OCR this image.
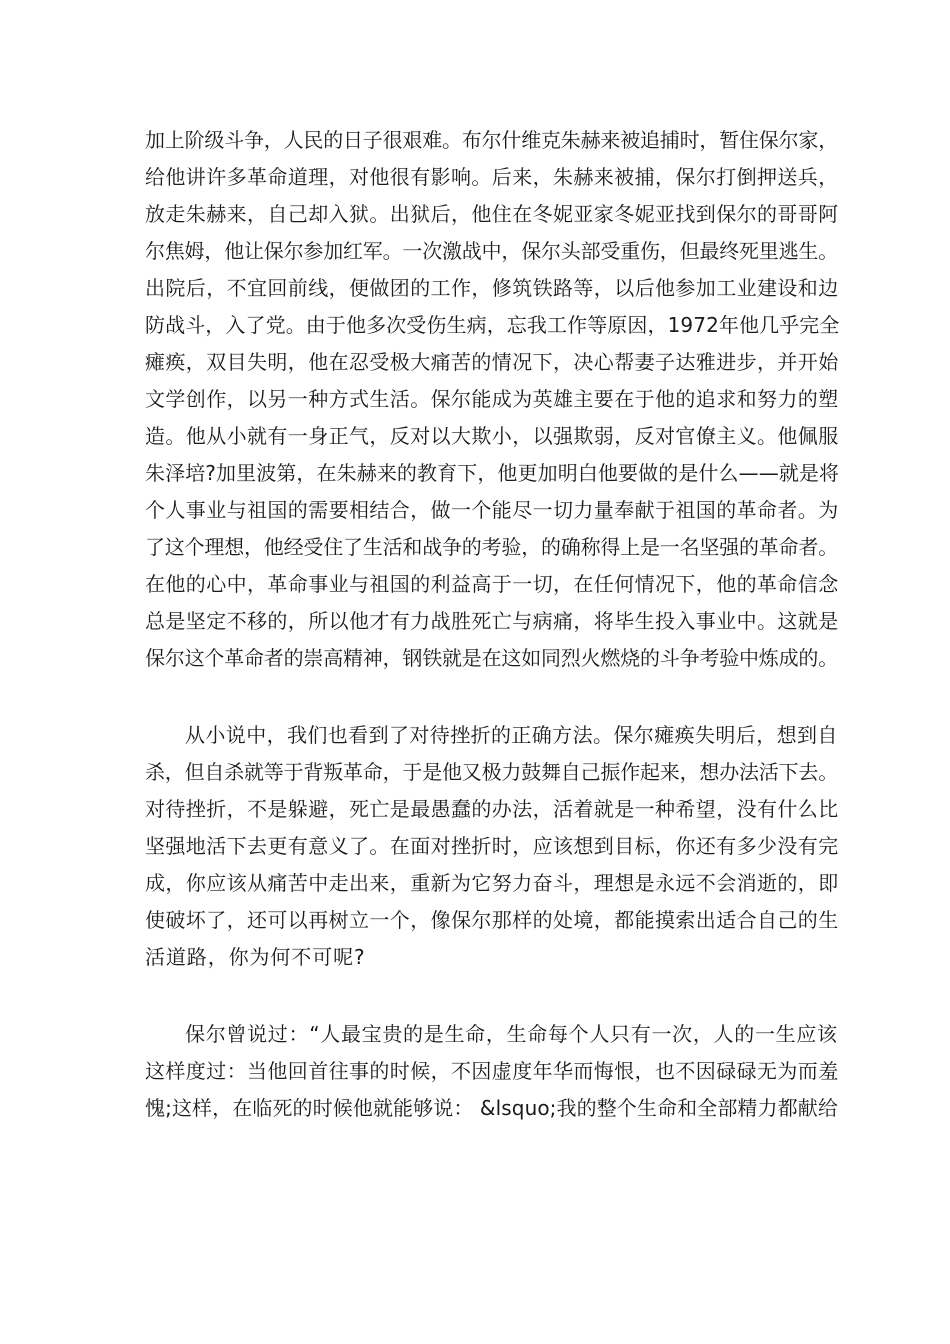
加上阶级斗争，人民的日子很艰难。布尔什维克朱赫来被追捕时，暂住保尔家，
给他讲许多革命道理，对他很有影响。后来，朱赫来被捕，保尔打倒押送兵，
放走朱赫来，自己却入狱。出狱后，他住在冬妮亚家冬妮亚找到保尔的哥哥阿
尔焦姆，他让保尔参加红军。一次激战中，保尔头部受重伤，但最终死里逃生。
出院后，不宜回前线，便做团的工作，修筑铁路等，以后他参加工业建设和边
防战斗，入了党。由于他多次受伤生病，忘我工作等原因，1972年他几乎完全
瘫痪，双目失明，他在忍受极大痛苦的情况下，决心帮妻子达雅进步，并开始
文学创作，以另一种方式生活。保尔能成为英雄主要在于他的追求和努力的塑
造。他从小就有一身正气，反对以大欺小，以强欺弱，反对官僚主义。他佩服
朱泽培?加里波第，在朱赫来的教育下，他更加明白他要做的是什么——就是将
个人事业与祖国的需要相结合，做一个能尽一切力量奉献于祖国的革命者。为
了这个理想，他经受住了生活和战争的考验，的确称得上是一名坚强的革命者。
在他的心中，革命事业与祖国的利益高于一切，在任何情况下，他的革命信念
总是坚定不移的，所以他才有力战胜死亡与病痛，将毕生投入事业中。这就是
保尔这个革命者的崇高精神，钢铁就是在这如同烈火燃烧的斗争考验中炼成的。
从小说中，我们也看到了对待挫折的正确方法。保尔瘫痪失明后，想到自
杀，但自杀就等于背叛革命，于是他又极力鼓舞自己振作起来，想办法活下去。
对待挫折，不是躲避，死亡是最愚蠢的办法，活着就是一种希望，没有什么比
坚强地活下去更有意义了。在面对挫折时，应该想到目标，你还有多少没有完
成，你应该从痛苦中走出来，重新为它努力奋斗，理想是永远不会消逝的，即
使破坏了，还可以再树立一个，像保尔那样的处境，都能摸索出适合自己的生
活道路，你为何不可呢?
保尔曾说过：“人最宝贵的是生命，生命每个人只有一次，人的一生应该
这样度过：当他回首往事的时候，不因虚度年华而悔恨，也不因碌碌无为而羞
愧;这样，在临死的时候他就能够说： &lsquo;我的整个生命和全部精力都献给
